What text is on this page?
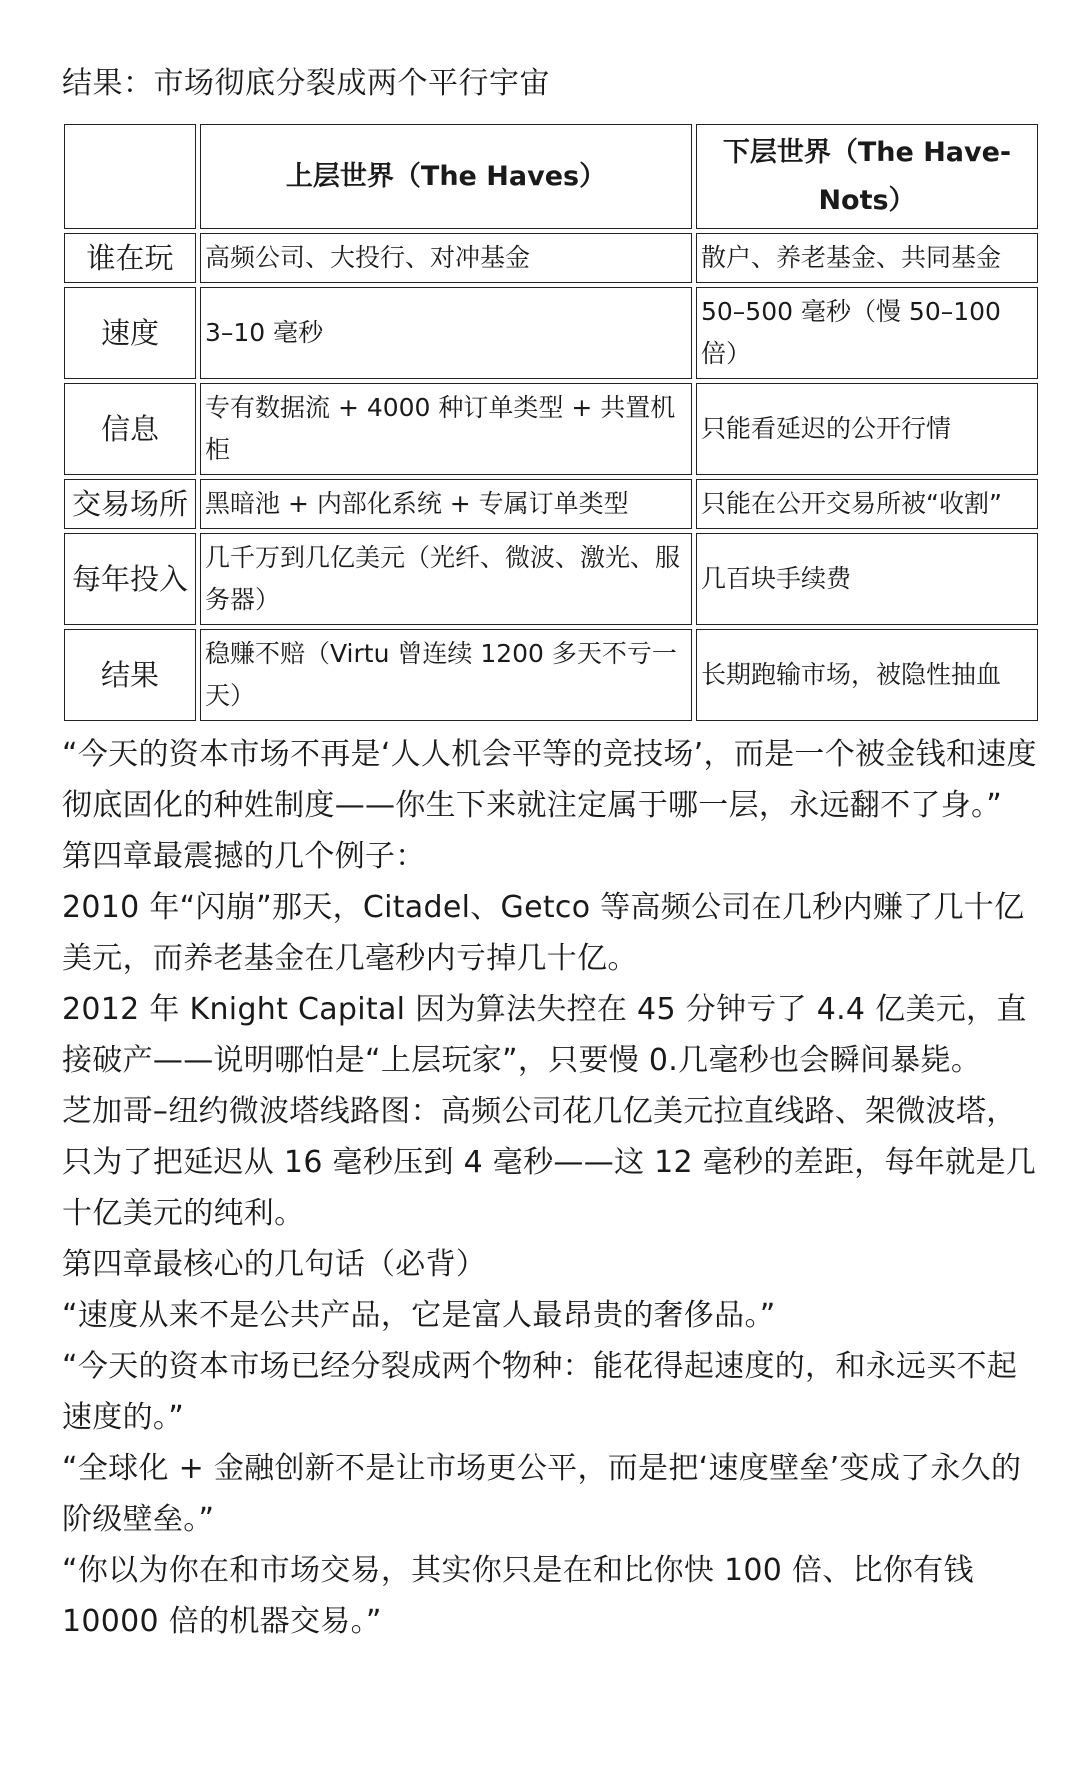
结果：市场彻底分裂成两个平行宇宙

	上层世界（The Haves）	下层世界（The Have-
Nots）
谁在玩	高频公司、大投行、对冲基金	散户、养老基金、共同基金
速度	3–10 毫秒	50–500 毫秒（慢 50–100 倍）
信息	专有数据流 + 4000 种订单类型 + 共置机柜	只能看延迟的公开行情
交易场所	黑暗池 + 内部化系统 + 专属订单类型	只能在公开交易所被“收割”
每年投入	几千万到几亿美元（光纤、微波、激光、服务器）	几百块手续费
结果	稳赚不赔（Virtu 曾连续 1200 多天不亏一天）	长期跑输市场，被隐性抽血

“今天的资本市场不再是‘人人机会平等的竞技场’，而是一个被金钱和速度彻底固化的种姓制度——你生下来就注定属于哪一层，永远翻不了身。”

第四章最震撼的几个例子：

2010 年“闪崩”那天，Citadel、Getco 等高频公司在几秒内赚了几十亿美元，而养老基金在几毫秒内亏掉几十亿。

2012 年 Knight Capital 因为算法失控在 45 分钟亏了 4.4 亿美元，直接破产——说明哪怕是“上层玩家”，只要慢 0.几毫秒也会瞬间暴毙。

芝加哥–纽约微波塔线路图：高频公司花几亿美元拉直线路、架微波塔，只为了把延迟从 16 毫秒压到 4 毫秒——这 12 毫秒的差距，每年就是几十亿美元的纯利。

第四章最核心的几句话（必背）

“速度从来不是公共产品，它是富人最昂贵的奢侈品。”

“今天的资本市场已经分裂成两个物种：能花得起速度的，和永远买不起速度的。”

“全球化 + 金融创新不是让市场更公平，而是把‘速度壁垒’变成了永久的阶级壁垒。”

“你以为你在和市场交易，其实你只是在和比你快 100 倍、比你有钱 10000 倍的机器交易。”
